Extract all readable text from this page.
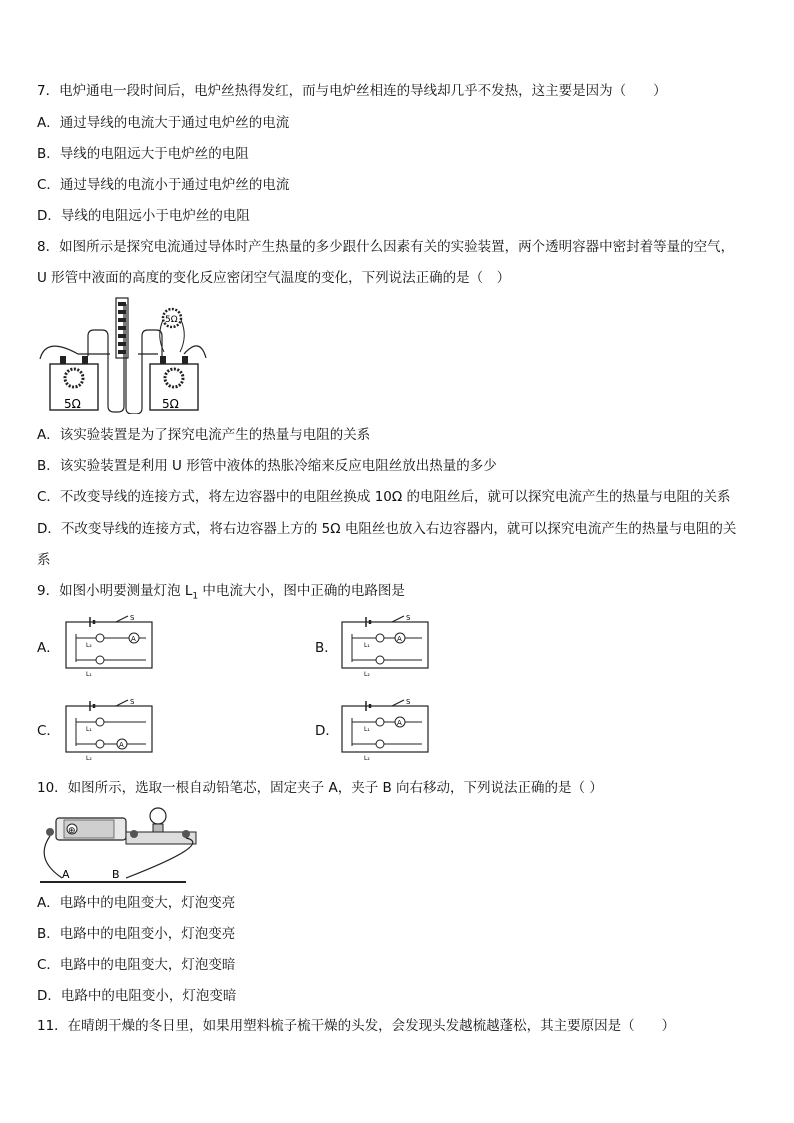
7．电炉通电一段时间后，电炉丝热得发红，而与电炉丝相连的导线却几乎不发热，这主要是因为（　　）
A．通过导线的电流大于通过电炉丝的电流
B．导线的电阻远大于电炉丝的电阻
C．通过导线的电流小于通过电炉丝的电流
D．导线的电阻远小于电炉丝的电阻
8．如图所示是探究电流通过导体时产生热量的多少跟什么因素有关的实验装置，两个透明容器中密封着等量的空气，
U 形管中液面的高度的变化反应密闭空气温度的变化，下列说法正确的是（　）
5Ω	5Ω
5Ω
A．该实验装置是为了探究电流产生的热量与电阻的关系
B．该实验装置是利用 U 形管中液体的热胀冷缩来反应电阻丝放出热量的多少
C．不改变导线的连接方式，将左边容器中的电阻丝换成 10Ω 的电阻丝后，就可以探究电流产生的热量与电阻的关系
D．不改变导线的连接方式，将右边容器上方的 5Ω 电阻丝也放入右边容器内，就可以探究电流产生的热量与电阻的关
系
9．如图小明要测量灯泡 $L_1$ 中电流大小，图中正确的电路图是
A．
S
A
L₂
L₁
B．
S
A
L₁
L₂
C．
S
A
L₁
L₂
D．
S
A
L₁
L₂
10．如图所示，选取一根自动铅笔芯，固定夹子 A，夹子 B 向右移动，下列说法正确的是（ ）
⊕
A	B
A．电路中的电阻变大，灯泡变亮
B．电路中的电阻变小，灯泡变亮
C．电路中的电阻变大，灯泡变暗
D．电路中的电阻变小，灯泡变暗
11．在晴朗干燥的冬日里，如果用塑料梳子梳干燥的头发，会发现头发越梳越蓬松，其主要原因是（　　）
